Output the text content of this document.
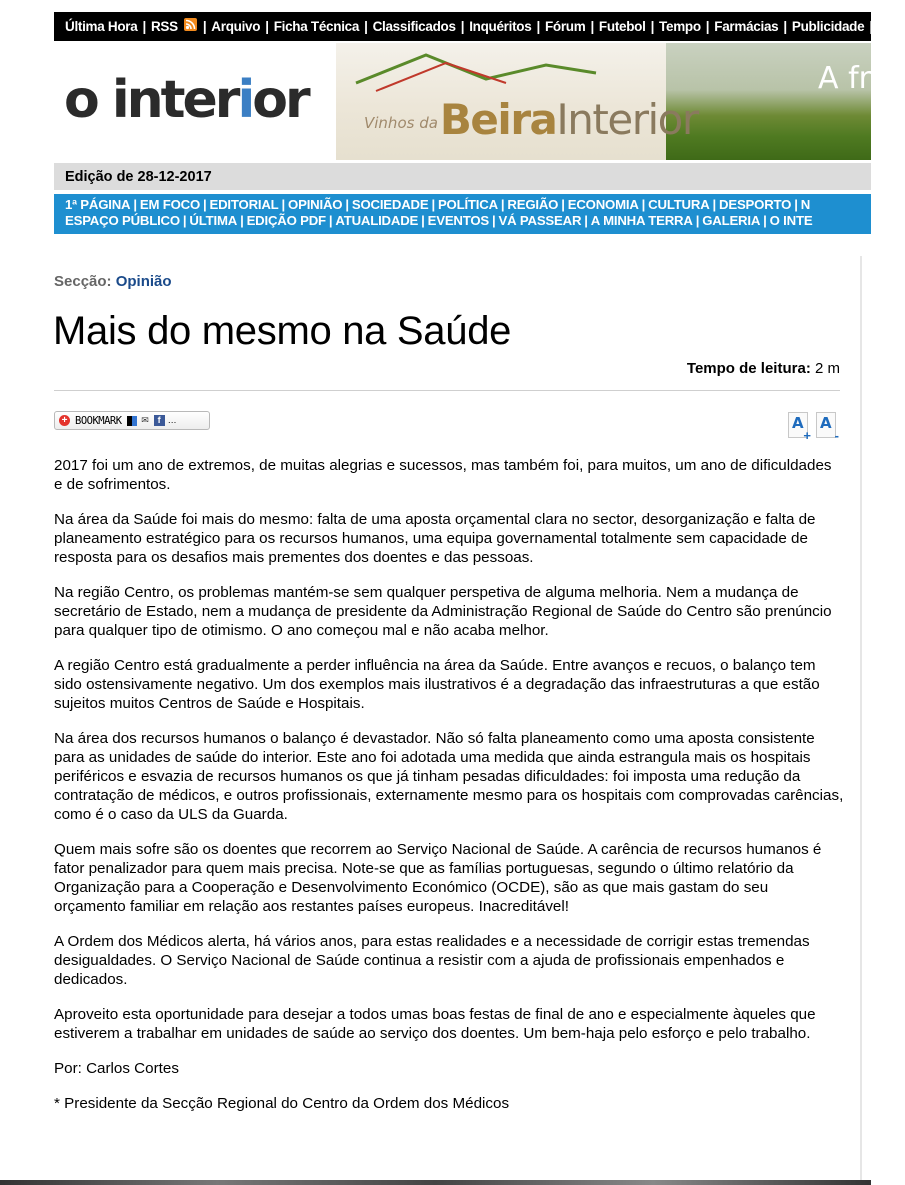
Última Hora | RSS | Arquivo | Ficha Técnica | Classificados | Inquéritos | Fórum | Futebol | Tempo | Farmácias | Publicidade | New
o interior	Vinhos daBeiraInterior
A fr
Edição de 28-12-2017
1ª PÁGINA | EM FOCO | EDITORIAL | OPINIÃO | SOCIEDADE | POLÍTICA | REGIÃO | ECONOMIA | CULTURA | DESPORTO | N
ESPAÇO PÚBLICO | ÚLTIMA | EDIÇÃO PDF | ATUALIDADE | EVENTOS | VÁ PASSEAR | A MINHA TERRA | GALERIA | O INTE
Secção: Opinião
Mais do mesmo na Saúde
Tempo de leitura: 2 m
+ BOOKMARK ✉ f …	A
+
A
-

2017 foi um ano de extremos, de muitas alegrias e sucessos, mas também foi, para muitos, um ano de dificuldades e de sofrimentos.

Na área da Saúde foi mais do mesmo: falta de uma aposta orçamental clara no sector, desorganização e falta de planeamento estratégico para os recursos humanos, uma equipa governamental totalmente sem capacidade de resposta para os desafios mais prementes dos doentes e das pessoas.

Na região Centro, os problemas mantém-se sem qualquer perspetiva de alguma melhoria. Nem a mudança de secretário de Estado, nem a mudança de presidente da Administração Regional de Saúde do Centro são prenúncio para qualquer tipo de otimismo. O ano começou mal e não acaba melhor.

A região Centro está gradualmente a perder influência na área da Saúde. Entre avanços e recuos, o balanço tem sido ostensivamente negativo. Um dos exemplos mais ilustrativos é a degradação das infraestruturas a que estão sujeitos muitos Centros de Saúde e Hospitais.

Na área dos recursos humanos o balanço é devastador. Não só falta planeamento como uma aposta consistente para as unidades de saúde do interior. Este ano foi adotada uma medida que ainda estrangula mais os hospitais periféricos e esvazia de recursos humanos os que já tinham pesadas dificuldades: foi imposta uma redução da contratação de médicos, e outros profissionais, externamente mesmo para os hospitais com comprovadas carências, como é o caso da ULS da Guarda.

Quem mais sofre são os doentes que recorrem ao Serviço Nacional de Saúde. A carência de recursos humanos é fator penalizador para quem mais precisa. Note-se que as famílias portuguesas, segundo o último relatório da Organização para a Cooperação e Desenvolvimento Económico (OCDE), são as que mais gastam do seu orçamento familiar em relação aos restantes países europeus. Inacreditável!

A Ordem dos Médicos alerta, há vários anos, para estas realidades e a necessidade de corrigir estas tremendas desigualdades. O Serviço Nacional de Saúde continua a resistir com a ajuda de profissionais empenhados e dedicados.

Aproveito esta oportunidade para desejar a todos umas boas festas de final de ano e especialmente àqueles que estiverem a trabalhar em unidades de saúde ao serviço dos doentes. Um bem-haja pelo esforço e pelo trabalho.

Por: Carlos Cortes

* Presidente da Secção Regional do Centro da Ordem dos Médicos
